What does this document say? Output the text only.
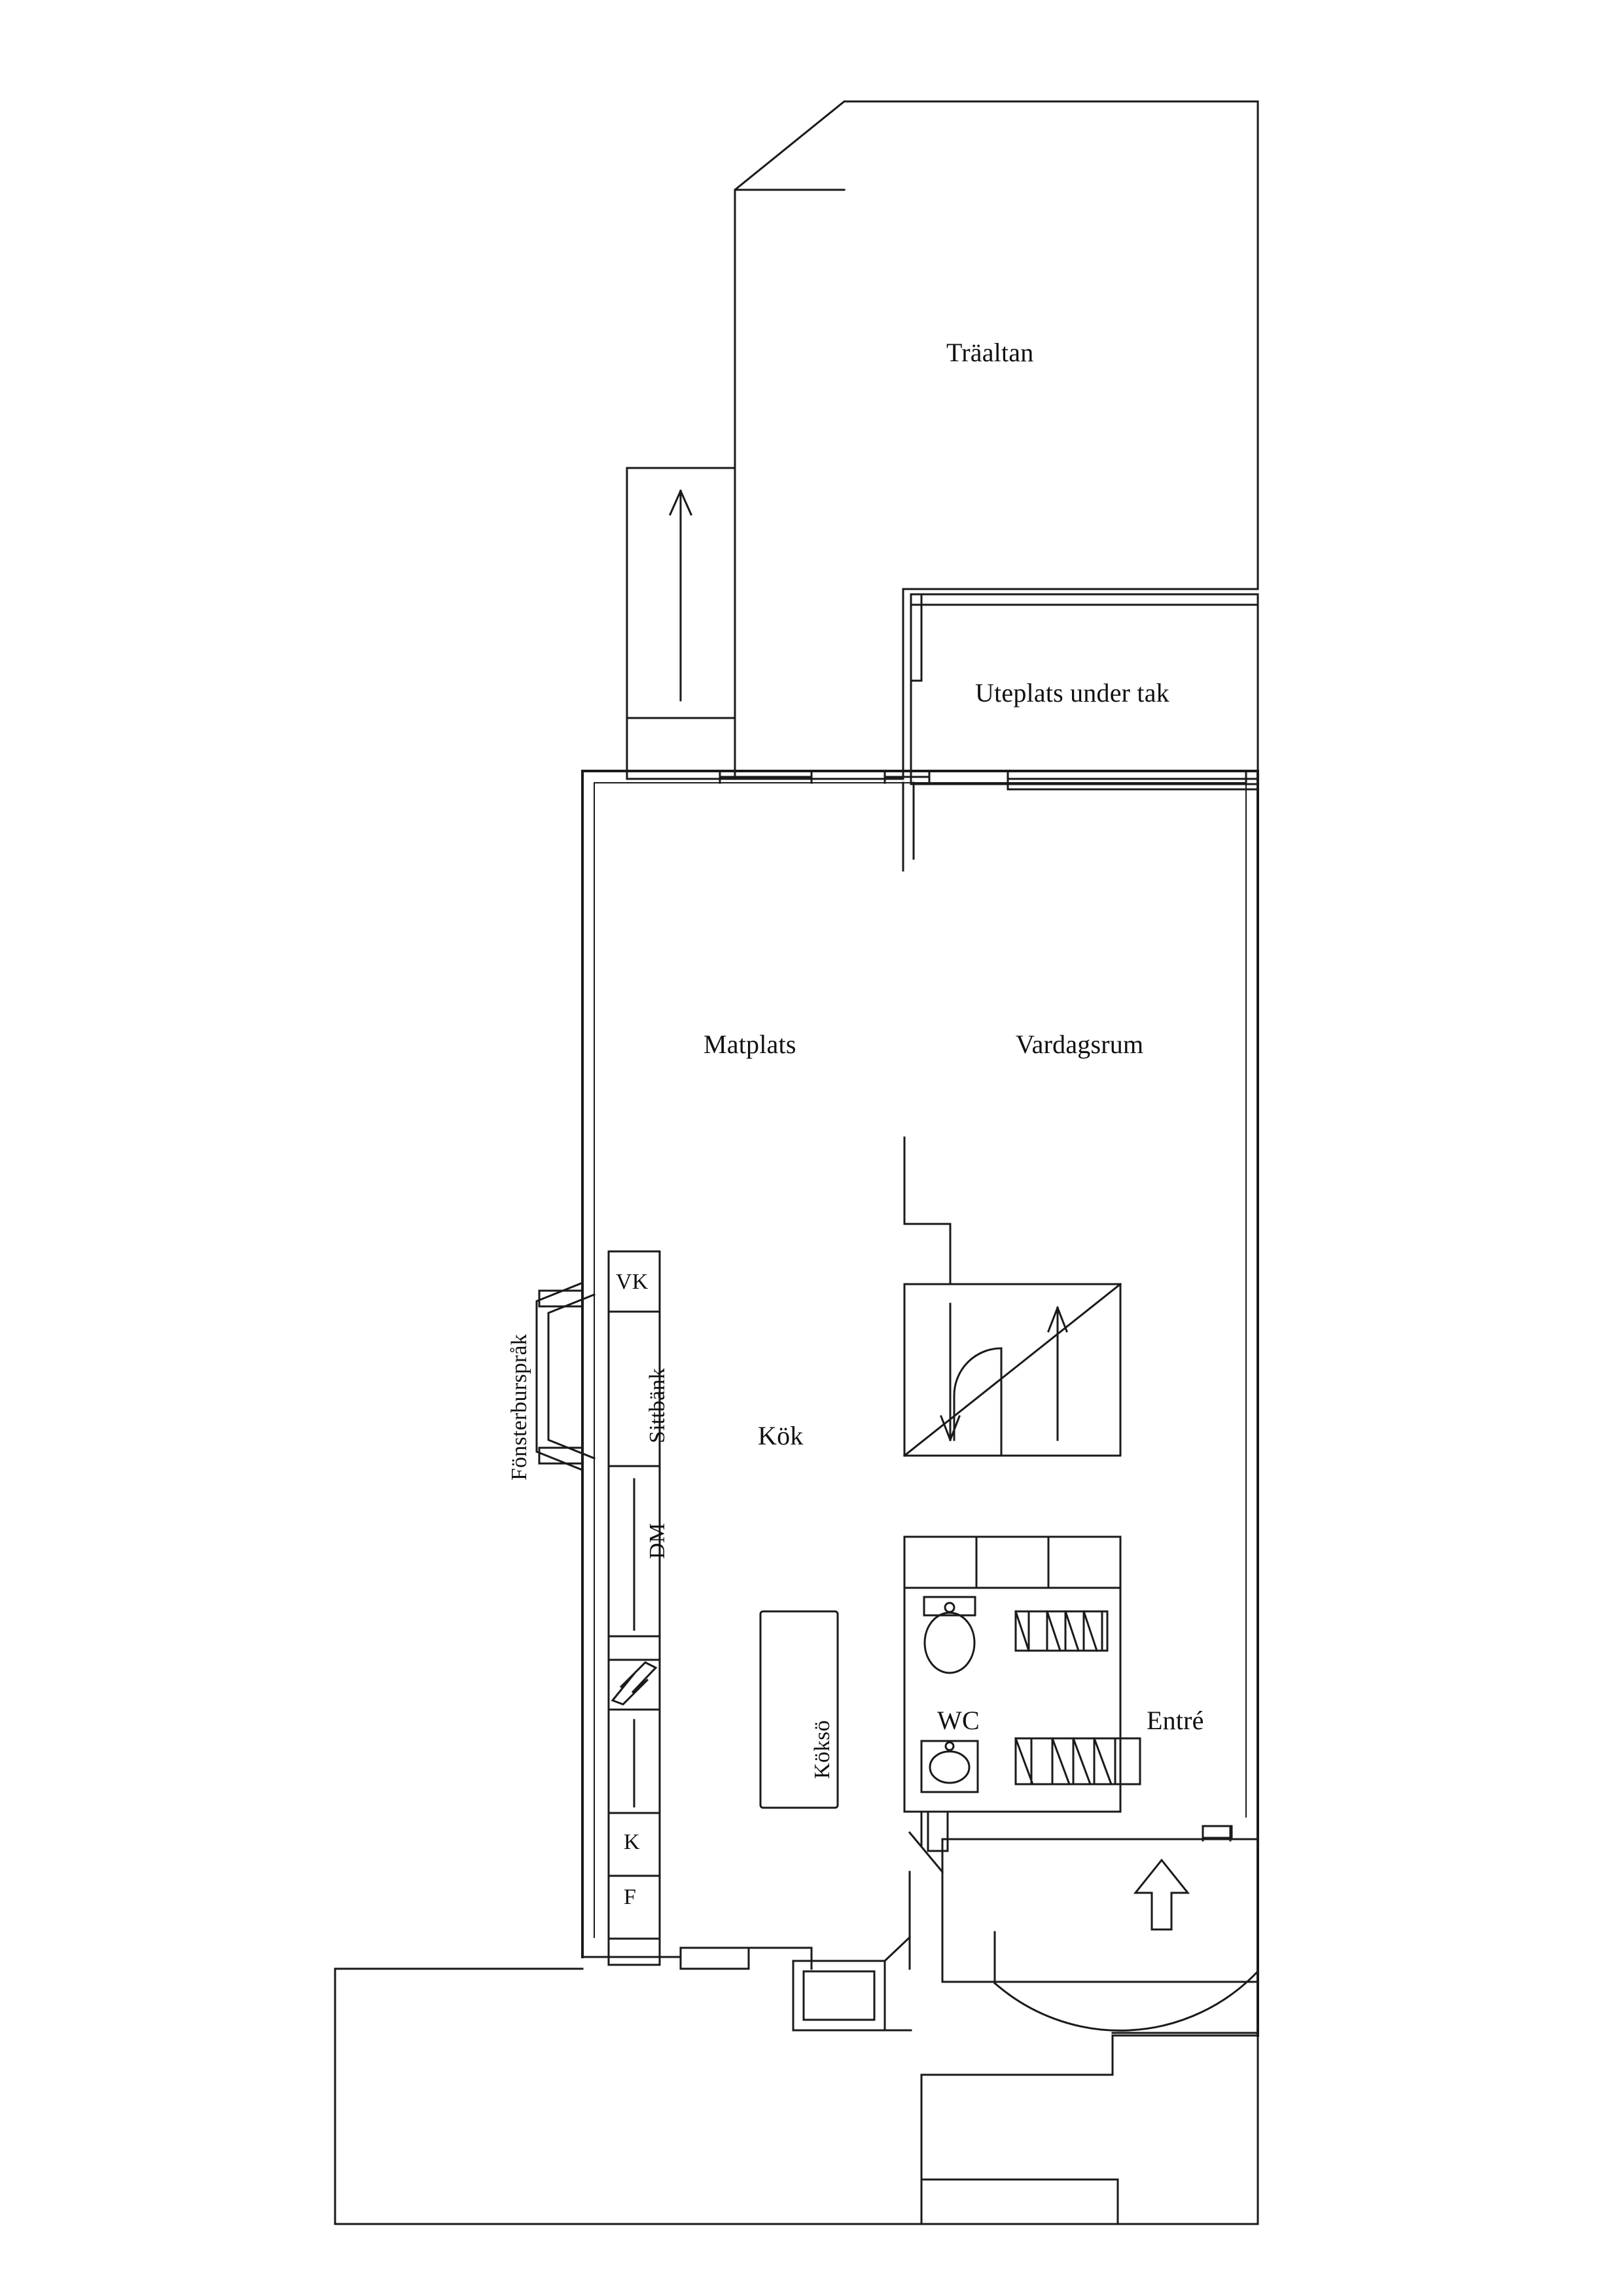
Träaltan
Uteplats under tak
Matplats	Vardagsrum
Kök
WC	Entré
VK
Sittbänk
DM
Köksö
K
F
Fönsterburspråk
